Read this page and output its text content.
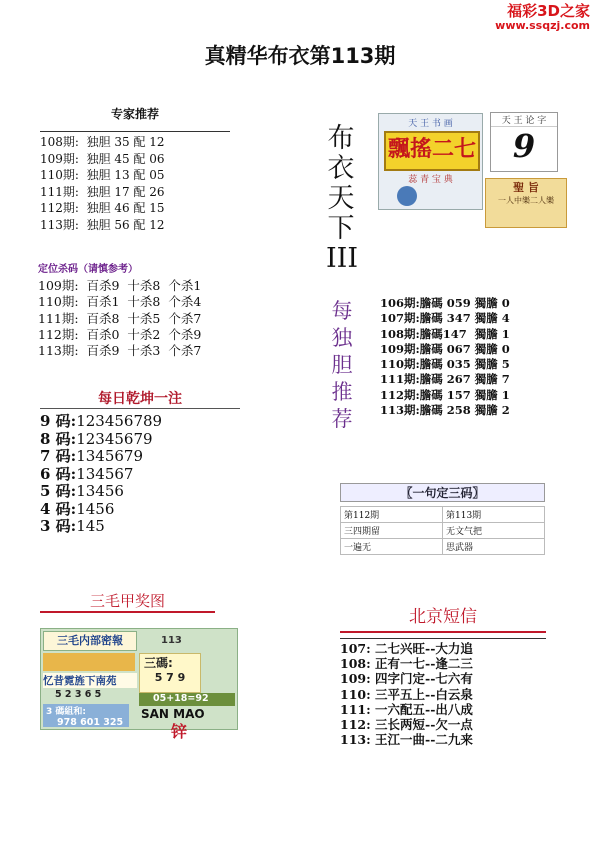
福彩3D之家
www.ssqzj.com
真精华布衣第113期
专家推荐
108期:  独胆 35 配 12
109期:  独胆 45 配 06
110期:  独胆 13 配 05
111期:  独胆 17 配 26
112期:  独胆 46 配 15
113期:  独胆 56 配 12
定位杀码（请慎参考）
109期:  百杀9  十杀8  个杀1
110期:  百杀1  十杀8  个杀4
111期:  百杀8  十杀5  个杀7
112期:  百杀0  十杀2  个杀9
113期:  百杀9  十杀3  个杀7
每日乾坤一注
9 码:123456789
8 码:12345679
7 码:1345679
6 码:134567
5 码:13456
4 码:1456
3 码:145
三毛甲奖图
三毛内部密報	113
三碼:
5 7 9
忆昔霓旌下南苑
5 2 3 6 5	05+18=92
3 碼組和:
978 601 325
SAN MAO
锌
布
衣
天
下
III
天 王 书 画
飄搖二七
蕊 青 宝 典
天 王 论 字
9
聖 旨
一人中樂二人樂
每
独
胆
推
荐
106期:膽碼 059 獨膽 0
107期:膽碼 347 獨膽 4
108期:膽碼147  獨膽 1
109期:膽碼 067 獨膽 0
110期:膽碼 035 獨膽 5
111期:膽碼 267 獨膽 7
112期:膽碼 157 獨膽 1
113期:膽碼 258 獨膽 2
〖一句定三码〗
第112期	第113期
三四期留	无文气把
一遍无	思武器
北京短信
107: 二七兴旺--大力追
108: 正有一七--逢二三
109: 四字门定--七六有
110: 三平五上--白云泉
111: 一六配五--出八成
112: 三长两短--欠一点
113: 王江一曲--二九来
